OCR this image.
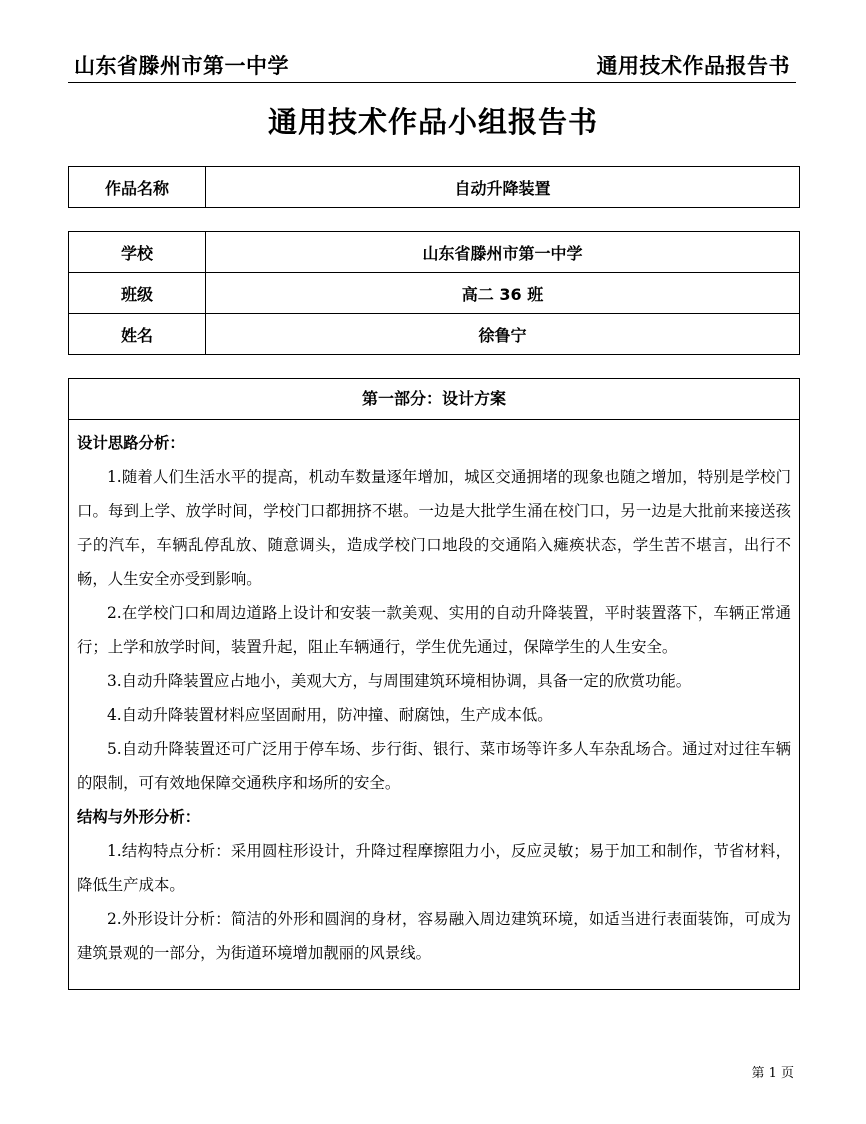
山东省滕州市第一中学	通用技术作品报告书
通用技术作品小组报告书
作品名称	自动升降装置
学校	山东省滕州市第一中学
班级	高二 36 班
姓名	徐鲁宁
第一部分：设计方案
设计思路分析：

1.随着人们生活水平的提高，机动车数量逐年增加，城区交通拥堵的现象也随之增加，特别是学校门口。每到上学、放学时间，学校门口都拥挤不堪。一边是大批学生涌在校门口，另一边是大批前来接送孩子的汽车，车辆乱停乱放、随意调头，造成学校门口地段的交通陷入瘫痪状态，学生苦不堪言，出行不畅，人生安全亦受到影响。

2.在学校门口和周边道路上设计和安装一款美观、实用的自动升降装置，平时装置落下，车辆正常通行；上学和放学时间，装置升起，阻止车辆通行，学生优先通过，保障学生的人生安全。

3.自动升降装置应占地小，美观大方，与周围建筑环境相协调，具备一定的欣赏功能。

4.自动升降装置材料应坚固耐用，防冲撞、耐腐蚀，生产成本低。

5.自动升降装置还可广泛用于停车场、步行街、银行、菜市场等许多人车杂乱场合。通过对过往车辆的限制，可有效地保障交通秩序和场所的安全。

结构与外形分析：

1.结构特点分析：采用圆柱形设计，升降过程摩擦阻力小，反应灵敏；易于加工和制作，节省材料，降低生产成本。

2.外形设计分析：简洁的外形和圆润的身材，容易融入周边建筑环境，如适当进行表面装饰，可成为建筑景观的一部分，为街道环境增加靓丽的风景线。

第 1 页
